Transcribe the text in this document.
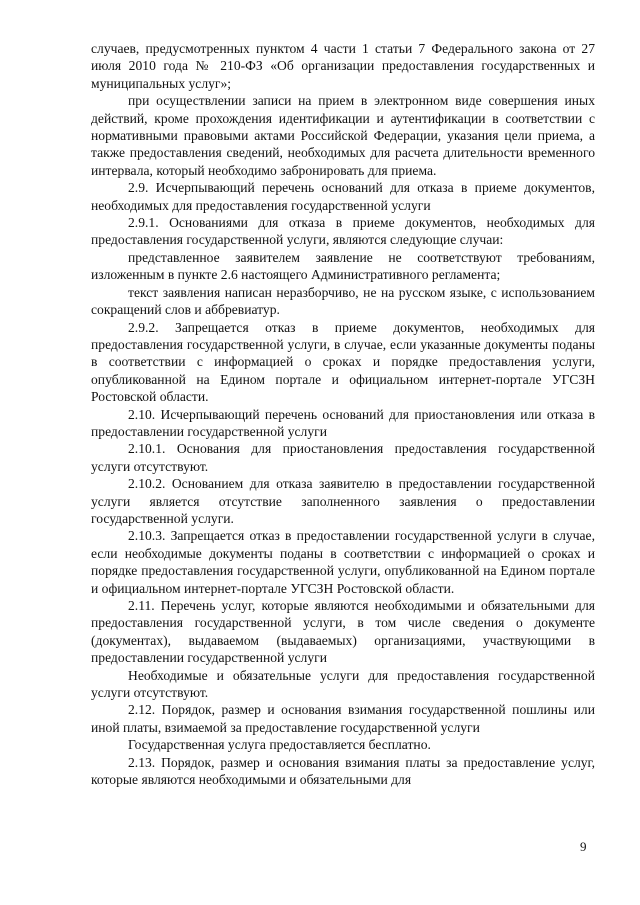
случаев, предусмотренных пунктом 4 части 1 статьи 7 Федерального закона от 27 июля 2010 года № 210-ФЗ «Об организации предоставления государственных и муниципальных услуг»;

при осуществлении записи на прием в электронном виде совершения иных действий, кроме прохождения идентификации и аутентификации в соответствии с нормативными правовыми актами Российской Федерации, указания цели приема, а также предоставления сведений, необходимых для расчета длительности временного интервала, который необходимо забронировать для приема.

2.9. Исчерпывающий перечень оснований для отказа в приеме документов, необходимых для предоставления государственной услуги

2.9.1. Основаниями для отказа в приеме документов, необходимых для предоставления государственной услуги, являются следующие случаи:

представленное заявителем заявление не соответствуют требованиям, изложенным в пункте 2.6 настоящего Административного регламента;

текст заявления написан неразборчиво, не на русском языке, с использованием сокращений слов и аббревиатур.

2.9.2. Запрещается отказ в приеме документов, необходимых для предоставления государственной услуги, в случае, если указанные документы поданы в соответствии с информацией о сроках и порядке предоставления услуги, опубликованной на Едином портале и официальном интернет-портале УГСЗН Ростовской области.

2.10. Исчерпывающий перечень оснований для приостановления или отказа в предоставлении государственной услуги

2.10.1. Основания для приостановления предоставления государственной услуги отсутствуют.

2.10.2. Основанием для отказа заявителю в предоставлении государственной услуги является отсутствие заполненного заявления о предоставлении государственной услуги.

2.10.3. Запрещается отказ в предоставлении государственной услуги в случае, если необходимые документы поданы в соответствии с информацией о сроках и порядке предоставления государственной услуги, опубликованной на Едином портале и официальном интернет-портале УГСЗН Ростовской области.

2.11. Перечень услуг, которые являются необходимыми и обязательными для предоставления государственной услуги, в том числе сведения о документе (документах), выдаваемом (выдаваемых) организациями, участвующими в предоставлении государственной услуги

Необходимые и обязательные услуги для предоставления государственной услуги отсутствуют.

2.12. Порядок, размер и основания взимания государственной пошлины или иной платы, взимаемой за предоставление государственной услуги

Государственная услуга предоставляется бесплатно.

2.13. Порядок, размер и основания взимания платы за предоставление услуг, которые являются необходимыми и обязательными для

9
